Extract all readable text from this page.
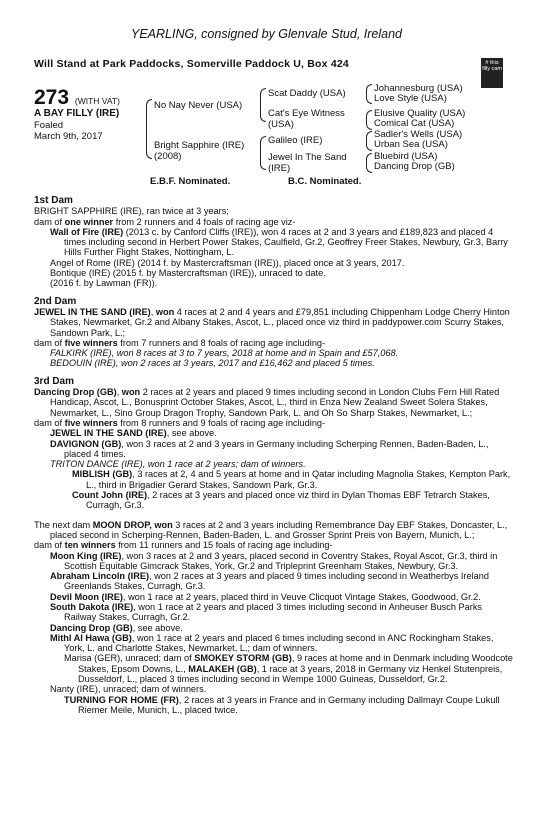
YEARLING, consigned by Glenvale Stud, Ireland
Will Stand at Park Paddocks, Somerville Paddock U, Box 424	# this filly cam
273 (WITH VAT)
A BAY FILLY (IRE)
Foaled
March 9th, 2017
No Nay Never (USA)
Bright Sapphire (IRE)
(2008)
Scat Daddy (USA)
Cat's Eye Witness
(USA)
Galileo (IRE)
Jewel In The Sand
(IRE)
Johannesburg (USA)
Love Style (USA)
Elusive Quality (USA)
Comical Cat (USA)
Sadler's Wells (USA)
Urban Sea (USA)
Bluebird (USA)
Dancing Drop (GB)
E.B.F. Nominated.	B.C. Nominated.

1st Dam

BRIGHT SAPPHIRE (IRE), ran twice at 3 years;

dam of one winner from 2 runners and 4 foals of racing age viz-

Wall of Fire (IRE) (2013 c. by Canford Cliffs (IRE)), won 4 races at 2 and 3 years and £189,823 and placed 4 times including second in Herbert Power Stakes, Caulfield, Gr.2, Geoffrey Freer Stakes, Newbury, Gr.3, Barry Hills Further Flight Stakes, Nottingham, L.

Angel of Rome (IRE) (2014 f. by Mastercraftsman (IRE)), placed once at 3 years, 2017.

Bontique (IRE) (2015 f. by Mastercraftsman (IRE)), unraced to date.

(2016 f. by Lawman (FR)).

2nd Dam

JEWEL IN THE SAND (IRE), won 4 races at 2 and 4 years and £79,851 including Chippenham Lodge Cherry Hinton Stakes, Newmarket, Gr.2 and Albany Stakes, Ascot, L., placed once viz third in paddypower.com Scurry Stakes, Sandown Park, L.;

dam of five winners from 7 runners and 8 foals of racing age including-

FALKIRK (IRE), won 8 races at 3 to 7 years, 2018 at home and in Spain and £57,068.

BEDOUIN (IRE), won 2 races at 3 years, 2017 and £16,462 and placed 5 times.

3rd Dam

Dancing Drop (GB), won 2 races at 2 years and placed 9 times including second in London Clubs Fern Hill Rated Handicap, Ascot, L., Bonusprint October Stakes, Ascot, L., third in Enza New Zealand Sweet Solera Stakes, Newmarket, L., Sino Group Dragon Trophy, Sandown Park, L. and Oh So Sharp Stakes, Newmarket, L.;

dam of five winners from 8 runners and 9 foals of racing age including-

JEWEL IN THE SAND (IRE), see above.

DAVIGNON (GB), won 3 races at 2 and 3 years in Germany including Scherping Rennen, Baden-Baden, L., placed 4 times.

TRITON DANCE (IRE), won 1 race at 2 years; dam of winners.

MIBLISH (GB), 3 races at 2, 4 and 5 years at home and in Qatar including Magnolia Stakes, Kempton Park, L., third in Brigadier Gerard Stakes, Sandown Park, Gr.3.

Count John (IRE), 2 races at 3 years and placed once viz third in Dylan Thomas EBF Tetrarch Stakes, Curragh, Gr.3.

The next dam MOON DROP, won 3 races at 2 and 3 years including Remembrance Day EBF Stakes, Doncaster, L., placed second in Scherping-Rennen, Baden-Baden, L. and Grosser Sprint Preis von Bayern, Munich, L.;

dam of ten winners from 11 runners and 15 foals of racing age including-

Moon King (IRE), won 3 races at 2 and 3 years, placed second in Coventry Stakes, Royal Ascot, Gr.3, third in Scottish Equitable Gimcrack Stakes, York, Gr.2 and Tripleprint Greenham Stakes, Newbury, Gr.3.

Abraham Lincoln (IRE), won 2 races at 3 years and placed 9 times including second in Weatherbys Ireland Greenlands Stakes, Curragh, Gr.3.

Devil Moon (IRE), won 1 race at 2 years, placed third in Veuve Clicquot Vintage Stakes, Goodwood, Gr.2.

South Dakota (IRE), won 1 race at 2 years and placed 3 times including second in Anheuser Busch Parks Railway Stakes, Curragh, Gr.2.

Dancing Drop (GB), see above.

Mithl Al Hawa (GB), won 1 race at 2 years and placed 6 times including second in ANC Rockingham Stakes, York, L. and Charlotte Stakes, Newmarket, L.; dam of winners.

Marisa (GER), unraced; dam of SMOKEY STORM (GB), 9 races at home and in Denmark including Woodcote Stakes, Epsom Downs, L., MALAKEH (GB), 1 race at 3 years, 2018 in Germany viz Henkel Stutenpreis, Dusseldorf, L., placed 3 times including second in Wempe 1000 Guineas, Dusseldorf, Gr.2.

Nanty (IRE), unraced; dam of winners.

TURNING FOR HOME (FR), 2 races at 3 years in France and in Germany including Dallmayr Coupe Lukull Riemer Meile, Munich, L., placed twice.
